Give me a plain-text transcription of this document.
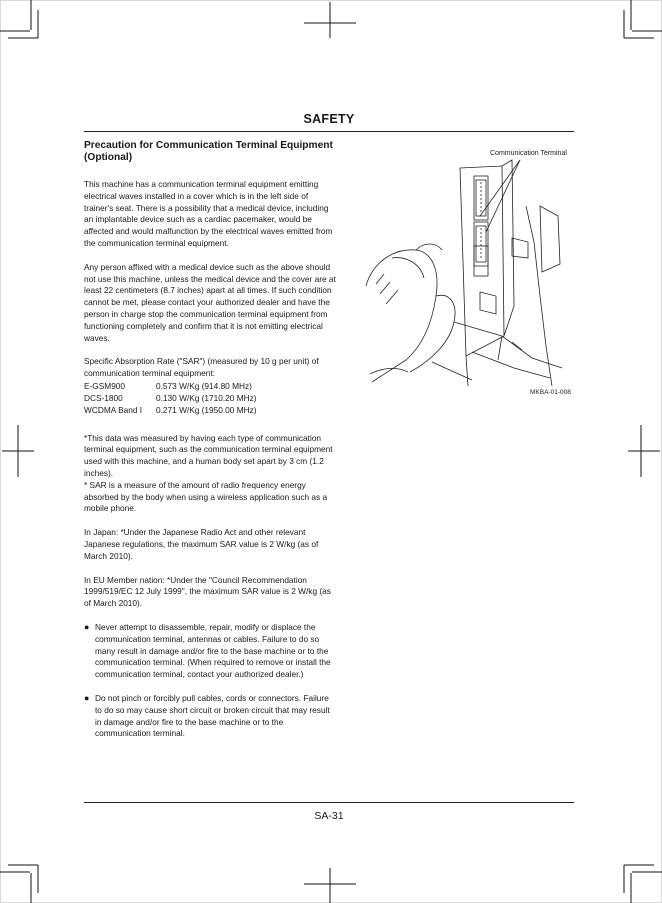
SAFETY
Precaution for Communication Terminal Equipment (Optional)

This machine has a communication terminal equipment emitting electrical waves installed in a cover which is in the left side of trainer's seat. There is a possibility that a medical device, including an implantable device such as a cardiac pacemaker, would be affected and would malfunction by the electrical waves emitted from the communication terminal equipment.

Any person affixed with a medical device such as the above should not use this machine, unless the medical device and the cover are at least 22 centimeters (8.7 inches) apart at all times. If such condition cannot be met, please contact your authorized dealer and have the person in charge stop the communication terminal equipment from functioning completely and confirm that it is not emitting electrical waves.

Specific Absorption Rate ("SAR") (measured by 10 g per unit) of communication terminal equipment:

E-GSM900	0.573 W/Kg (914.80 MHz)
DCS-1800	0.130 W/Kg (1710.20 MHz)
WCDMA Band I	0.271 W/Kg (1950.00 MHz)

*This data was measured by having each type of communication terminal equipment, such as the communication terminal equipment used with this machine, and a human body set apart by 3 cm (1.2 inches).

* SAR is a measure of the amount of radio frequency energy absorbed by the body when using a wireless application such as a mobile phone.

In Japan: *Under the Japanese Radio Act and other relevant Japanese regulations, the maximum SAR value is 2 W/kg (as of March 2010).

In EU Member nation: *Under the "Council Recommendation 1999/519/EC 12 July 1999", the maximum SAR value is 2 W/kg (as of March 2010).

● Never attempt to disassemble, repair, modify or displace the communication terminal, antennas or cables. Failure to do so many result in damage and/or fire to the base machine or to the communication terminal. (When required to remove or install the communication terminal, contact your authorized dealer.)
● Do not pinch or forcibly pull cables, cords or connectors. Failure to do so may cause short circuit or broken circuit that may result in damage and/or fire to the base machine or to the communication terminal.
Communication Terminal
MKBA-01-008
SA-31
